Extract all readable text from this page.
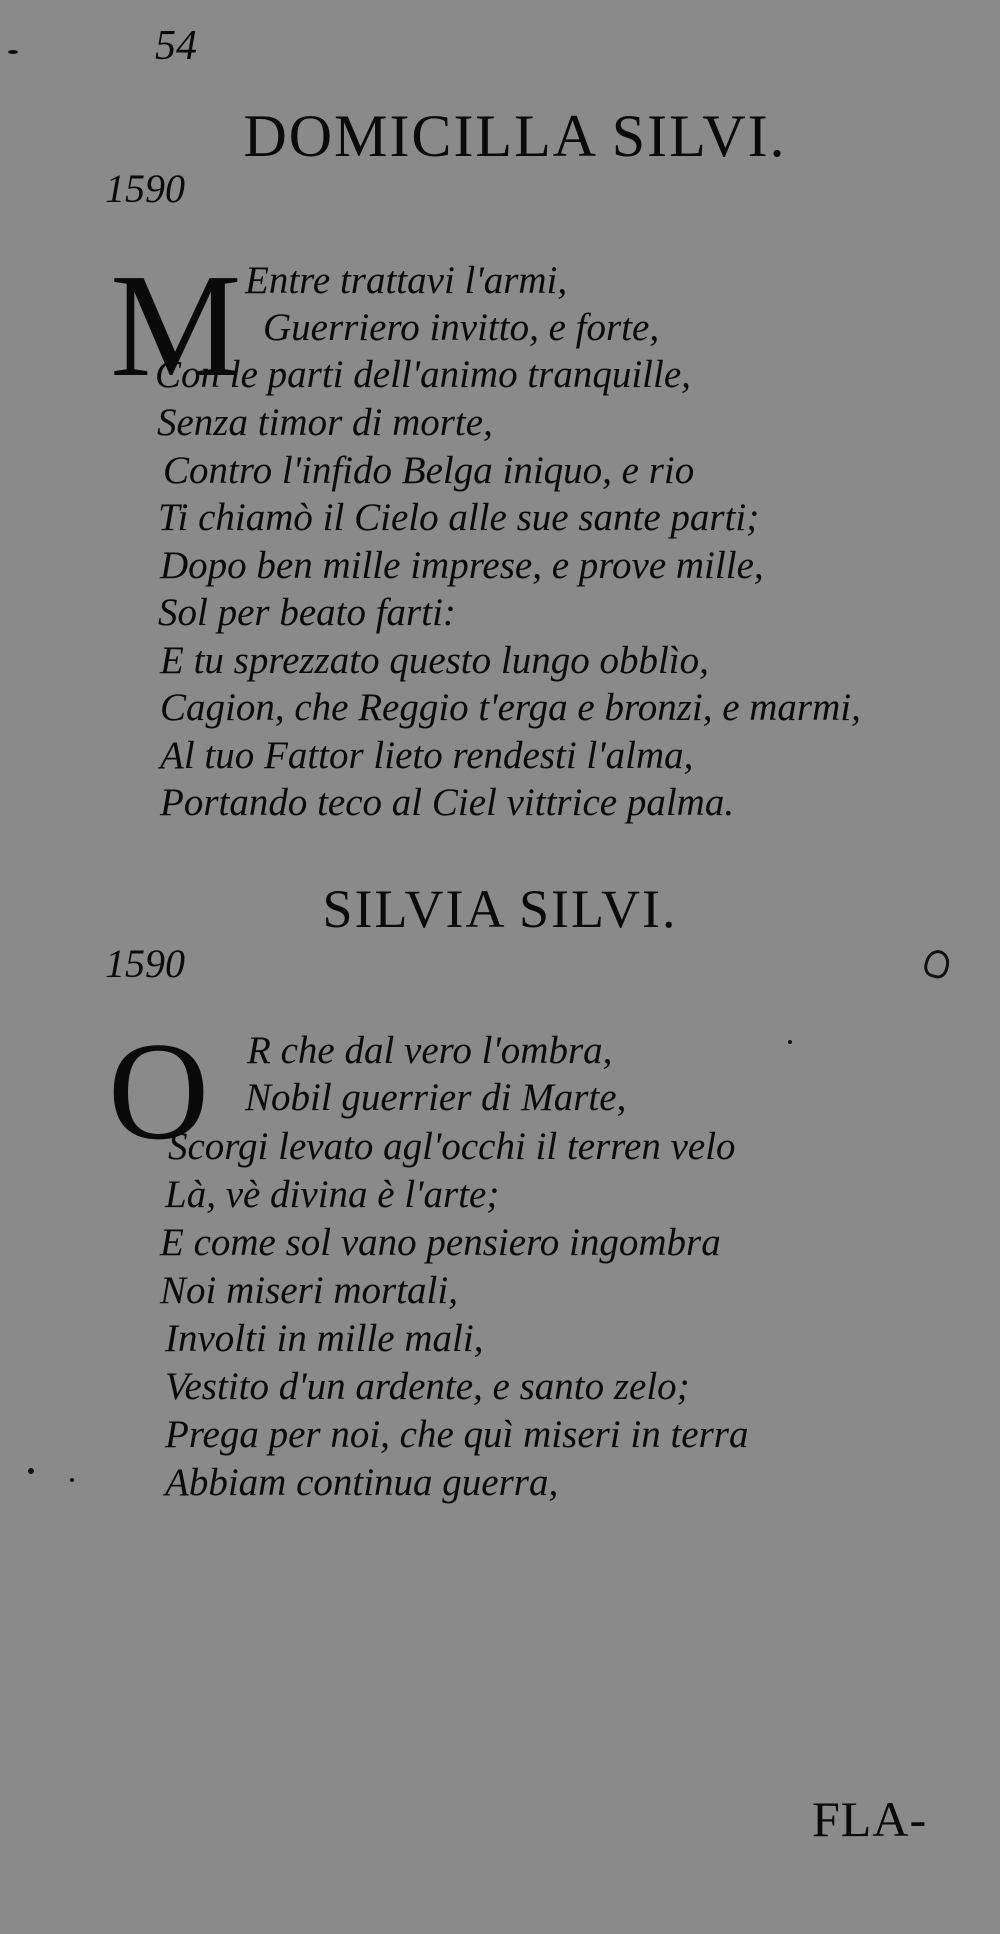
54
DOMICILLA SILVI.
1590
M Entre trattavi l'armi,
Guerriero invitto, e forte,
Con le parti dell'animo tranquille,
Senza timor di morte,
Contro l'infido Belga iniquo, e rio
Ti chiamò il Cielo alle sue sante parti;
Dopo ben mille imprese, e prove mille,
Sol per beato farti:
E tu sprezzato questo lungo obblìo,
Cagion, che Reggio t'erga e bronzi, e marmi,
Al tuo Fattor lieto rendesti l'alma,
Portando teco al Ciel vittrice palma.
SILVIA SILVI.
1590
O R che dal vero l'ombra,
Nobil guerrier di Marte,
Scorgi levato agl'occhi il terren velo
Là, vè divina è l'arte;
E come sol vano pensiero ingombra
Noi miseri mortali,
Involti in mille mali,
Vestito d'un ardente, e santo zelo;
Prega per noi, che quì miseri in terra
Abbiam continua guerra,
FLA-
